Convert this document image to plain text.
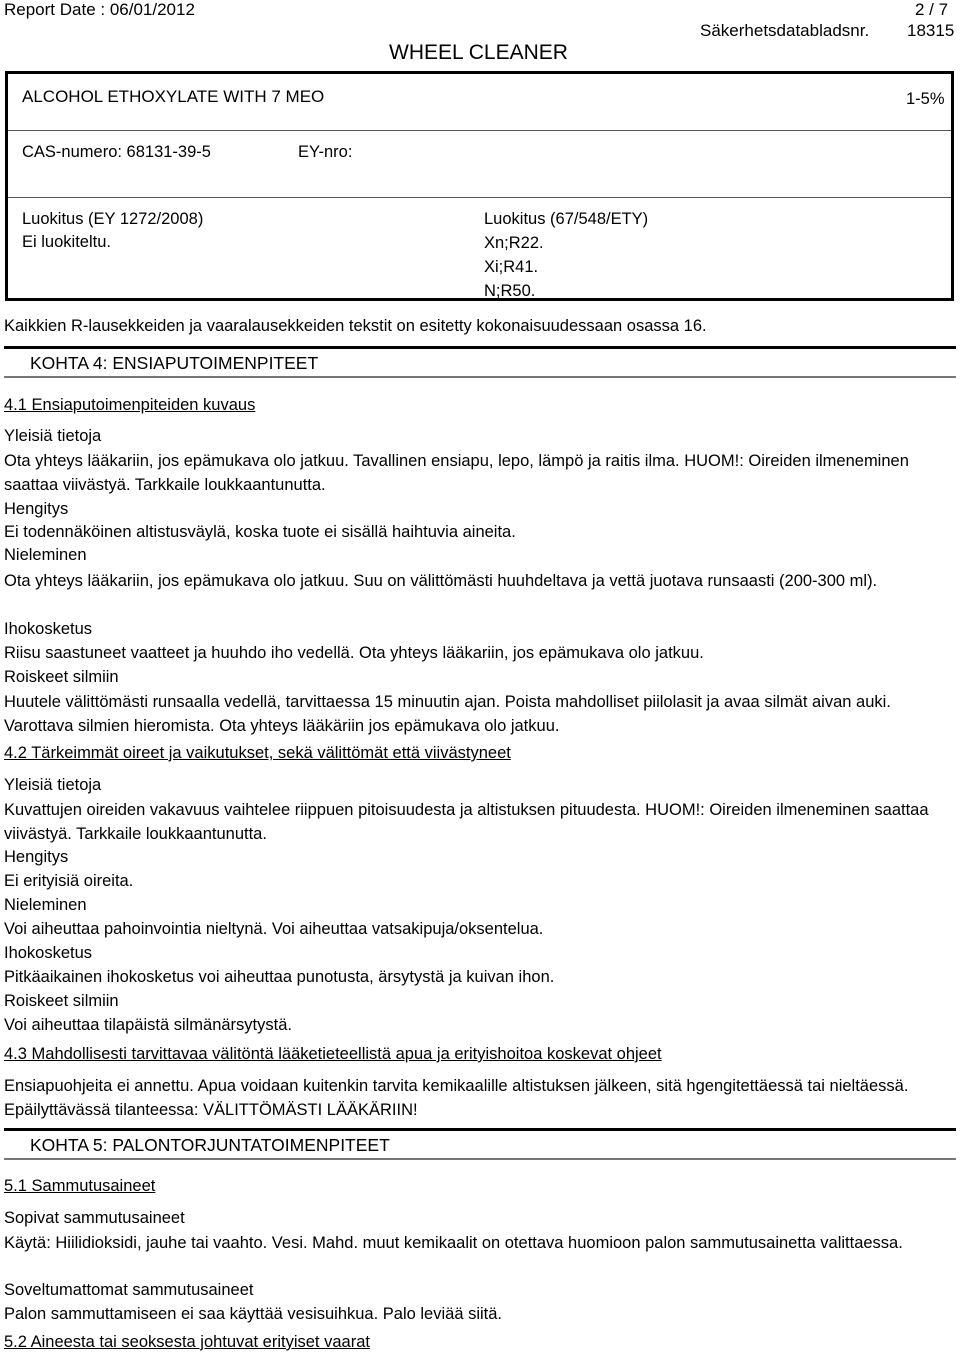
Report Date : 06/01/2012	2 / 7
Säkerhetsdatabladsnr. 18315
WHEEL CLEANER
ALCOHOL ETHOXYLATE WITH 7 MEO	1-5%
CAS-numero: 68131-39-5	EY-nro:
Luokitus (EY 1272/2008)
Ei luokiteltu.
Luokitus (67/548/ETY)
Xn;R22.
Xi;R41.
N;R50.
Kaikkien R-lausekkeiden ja vaaralausekkeiden tekstit on esitetty kokonaisuudessaan osassa 16.
KOHTA 4: ENSIAPUTOIMENPITEET
4.1 Ensiaputoimenpiteiden kuvaus
Yleisiä tietoja
Ota yhteys lääkariin, jos epämukava olo jatkuu. Tavallinen ensiapu, lepo, lämpö ja raitis ilma. HUOM!: Oireiden ilmeneminen saattaa viivästyä. Tarkkaile loukkaantunutta.
Hengitys
Ei todennäköinen altistusväylä, koska tuote ei sisällä haihtuvia aineita.
Nieleminen
Ota yhteys lääkariin, jos epämukava olo jatkuu. Suu on välittömästi huuhdeltava ja vettä juotava runsaasti (200-300 ml).
Ihokosketus
Riisu saastuneet vaatteet ja huuhdo iho vedellä. Ota yhteys lääkariin, jos epämukava olo jatkuu.
Roiskeet silmiin
Huutele välittömästi runsaalla vedellä, tarvittaessa 15 minuutin ajan. Poista mahdolliset piilolasit ja avaa silmät aivan auki. Varottava silmien hieromista. Ota yhteys lääkäriin jos epämukava olo jatkuu.
4.2 Tärkeimmät oireet ja vaikutukset, sekä välittömät että viivästyneet
Yleisiä tietoja
Kuvattujen oireiden vakavuus vaihtelee riippuen pitoisuudesta ja altistuksen pituudesta. HUOM!: Oireiden ilmeneminen saattaa viivästyä. Tarkkaile loukkaantunutta.
Hengitys
Ei erityisiä oireita.
Nieleminen
Voi aiheuttaa pahoinvointia nieltynä. Voi aiheuttaa vatsakipuja/oksentelua.
Ihokosketus
Pitkäaikainen ihokosketus voi aiheuttaa punotusta, ärsytystä ja kuivan ihon.
Roiskeet silmiin
Voi aiheuttaa tilapäistä silmänärsytystä.
4.3 Mahdollisesti tarvittavaa välitöntä lääketieteellistä apua ja erityishoitoa koskevat ohjeet
Ensiapuohjeita ei annettu. Apua voidaan kuitenkin tarvita kemikaalille altistuksen jälkeen, sitä hgengitettäessä tai nieltäessä. Epäilyttävässä tilanteessa: VÄLITTÖMÄSTI LÄÄKÄRIIN!
KOHTA 5: PALONTORJUNTATOIMENPITEET
5.1 Sammutusaineet
Sopivat sammutusaineet
Käytä: Hiilidioksidi, jauhe tai vaahto. Vesi. Mahd. muut kemikaalit on otettava huomioon palon sammutusainetta valittaessa.
Soveltumattomat sammutusaineet
Palon sammuttamiseen ei saa käyttää vesisuihkua. Palo leviää siitä.
5.2 Aineesta tai seoksesta johtuvat erityiset vaarat
